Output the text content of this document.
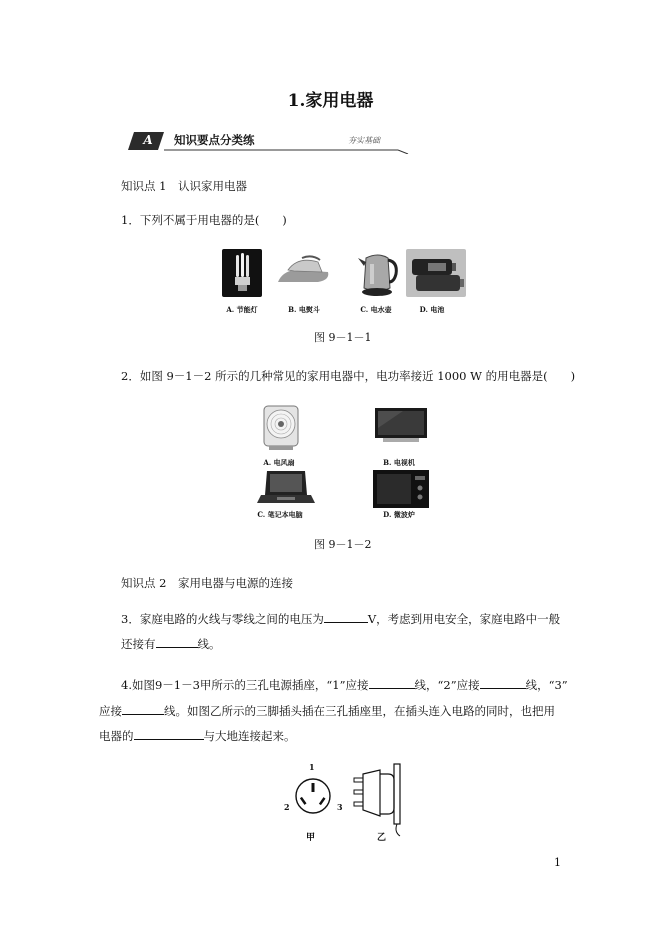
1.家用电器
A	知识要点分类练	夯实基础
知识点 1　认识家用电器
1．下列不属于用电器的是(　　)
A. 节能灯	B. 电熨斗	C. 电水壶	D. 电池
图 9－1－1
2．如图 9－1－2 所示的几种常见的家用电器中，电功率接近 1000 W 的用电器是(　　)
A. 电风扇	B. 电视机
C. 笔记本电脑	D. 微波炉
图 9－1－2
知识点 2　家用电器与电源的连接
3．家庭电路的火线与零线之间的电压为	V，考虑到用电安全，家庭电路中一般
还接有	线。
4.如图9－1－3甲所示的三孔电源插座，“1”应接	线，“2”应接	线，“3”
应接	线。如图乙所示的三脚插头插在三孔插座里，在插头连入电路的同时，也把用
电器的	与大地连接起来。
1
2	3
甲	乙
1
